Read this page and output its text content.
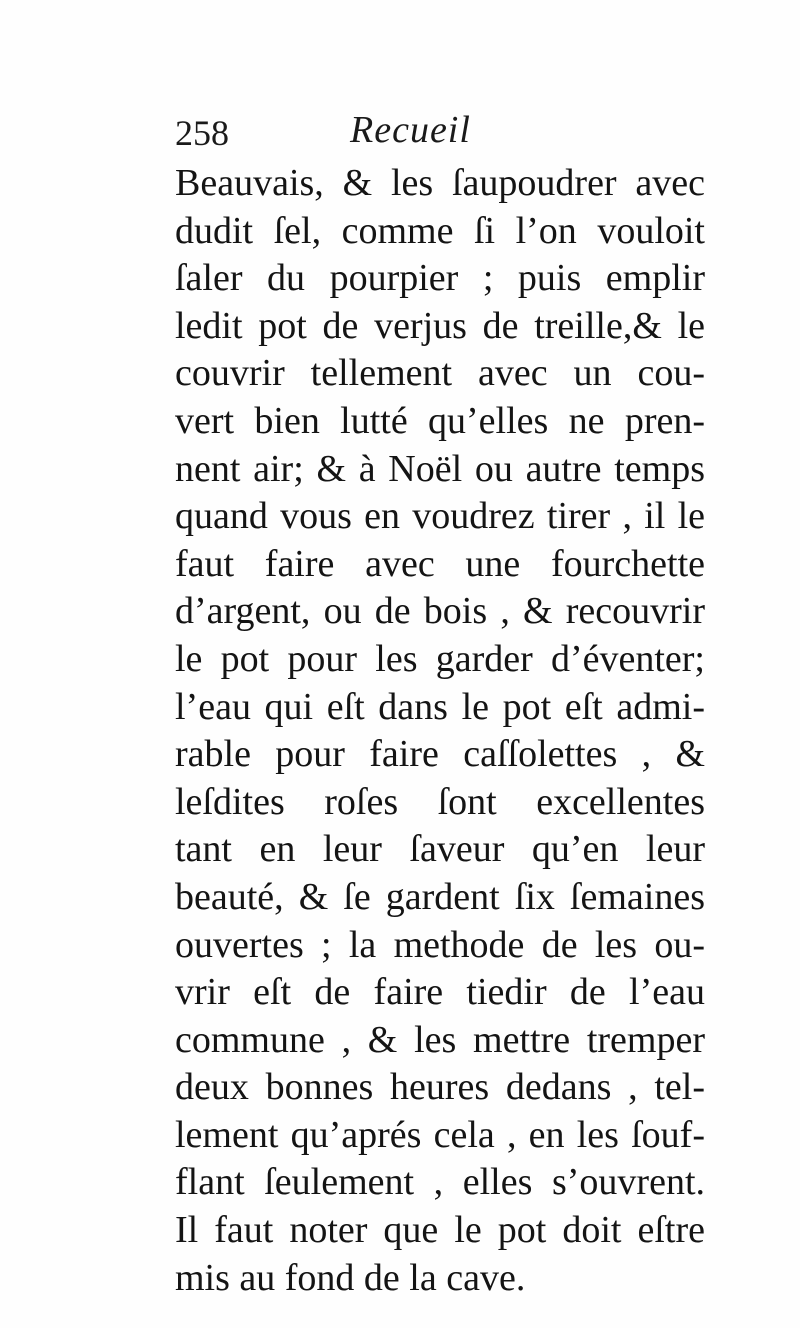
258	Recueil
Beauvais, & les ſaupoudrer avec
dudit ſel, comme ſi l’on vouloit
ſaler du pourpier ; puis emplir
ledit pot de verjus de treille,& le
couvrir tellement avec un cou-
vert bien lutté qu’elles ne pren-
nent air; & à Noël ou autre temps
quand vous en voudrez tirer , il le
faut faire avec une fourchette
d’argent, ou de bois , & recouvrir
le pot pour les garder d’éventer;
l’eau qui eſt dans le pot eſt admi-
rable pour faire caſſolettes , &
leſdites roſes ſont excellentes
tant en leur ſaveur qu’en leur
beauté, & ſe gardent ſix ſemaines
ouvertes ; la methode de les ou-
vrir eſt de faire tiedir de l’eau
commune , & les mettre tremper
deux bonnes heures dedans , tel-
lement qu’aprés cela , en les ſouf-
flant ſeulement , elles s’ouvrent.
Il faut noter que le pot doit eſtre
mis au fond de la cave.
